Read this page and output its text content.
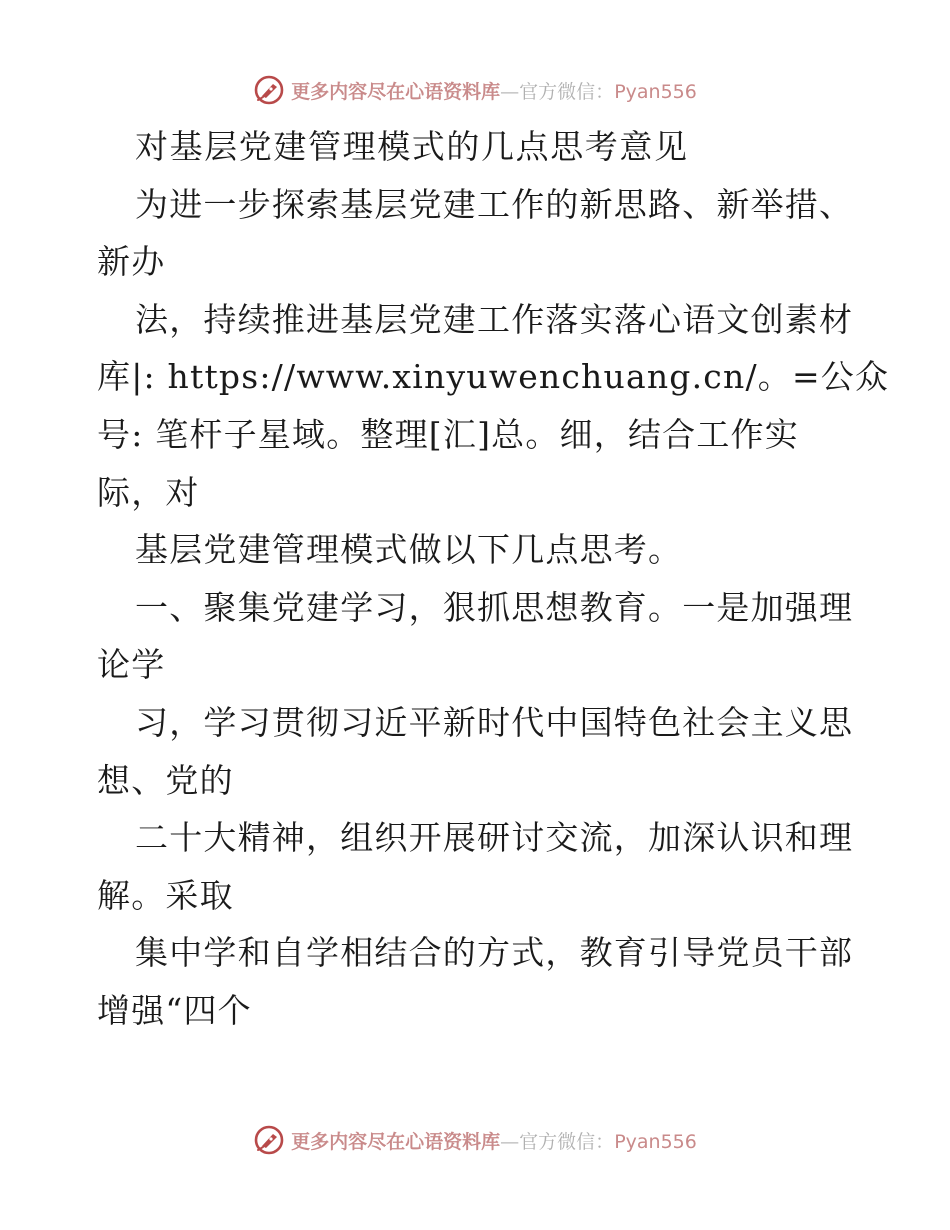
更多内容尽在心语资料库—官方微信：Pyan556
对基层党建管理模式的几点思考意见
为进一步探索基层党建工作的新思路、新举措、
新办
法，持续推进基层党建工作落实落心语文创素材
库|: https://www.xinyuwenchuang.cn/。=公众
号: 笔杆子星域。整理[汇]总。细，结合工作实
际，对
基层党建管理模式做以下几点思考。
一、聚集党建学习，狠抓思想教育。一是加强理
论学
习，学习贯彻习近平新时代中国特色社会主义思
想、党的
二十大精神，组织开展研讨交流，加深认识和理
解。采取
集中学和自学相结合的方式，教育引导党员干部
增强“四个
更多内容尽在心语资料库—官方微信：Pyan556
